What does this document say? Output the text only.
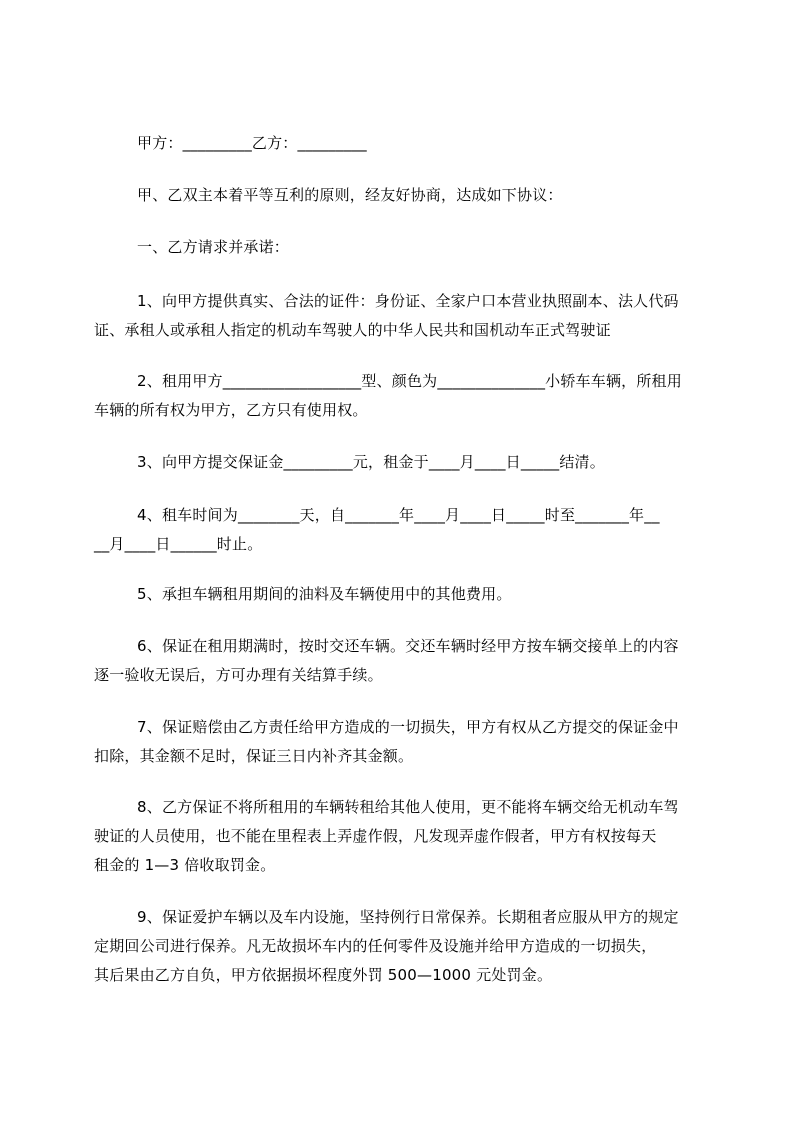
甲方：_________乙方：_________
甲、乙双主本着平等互利的原则，经友好协商，达成如下协议：
一、乙方请求并承诺：
1、向甲方提供真实、合法的证件：身份证、全家户口本营业执照副本、法人代码
证、承租人或承租人指定的机动车驾驶人的中华人民共和国机动车正式驾驶证
2、租用甲方__________________型、颜色为______________小轿车车辆，所租用
车辆的所有权为甲方，乙方只有使用权。
3、向甲方提交保证金_________元，租金于____月____日_____结清。
4、租车时间为________天，自_______年____月____日_____时至_______年__
__月____日______时止。
5、承担车辆租用期间的油料及车辆使用中的其他费用。
6、保证在租用期满时，按时交还车辆。交还车辆时经甲方按车辆交接单上的内容
逐一验收无误后，方可办理有关结算手续。
7、保证赔偿由乙方责任给甲方造成的一切损失，甲方有权从乙方提交的保证金中
扣除，其金额不足时，保证三日内补齐其金额。
8、乙方保证不将所租用的车辆转租给其他人使用，更不能将车辆交给无机动车驾
驶证的人员使用，也不能在里程表上弄虚作假，凡发现弄虚作假者，甲方有权按每天
租金的 1—3 倍收取罚金。
9、保证爱护车辆以及车内设施，坚持例行日常保养。长期租者应服从甲方的规定
定期回公司进行保养。凡无故损坏车内的任何零件及设施并给甲方造成的一切损失，
其后果由乙方自负，甲方依据损坏程度外罚 500—1000 元处罚金。
